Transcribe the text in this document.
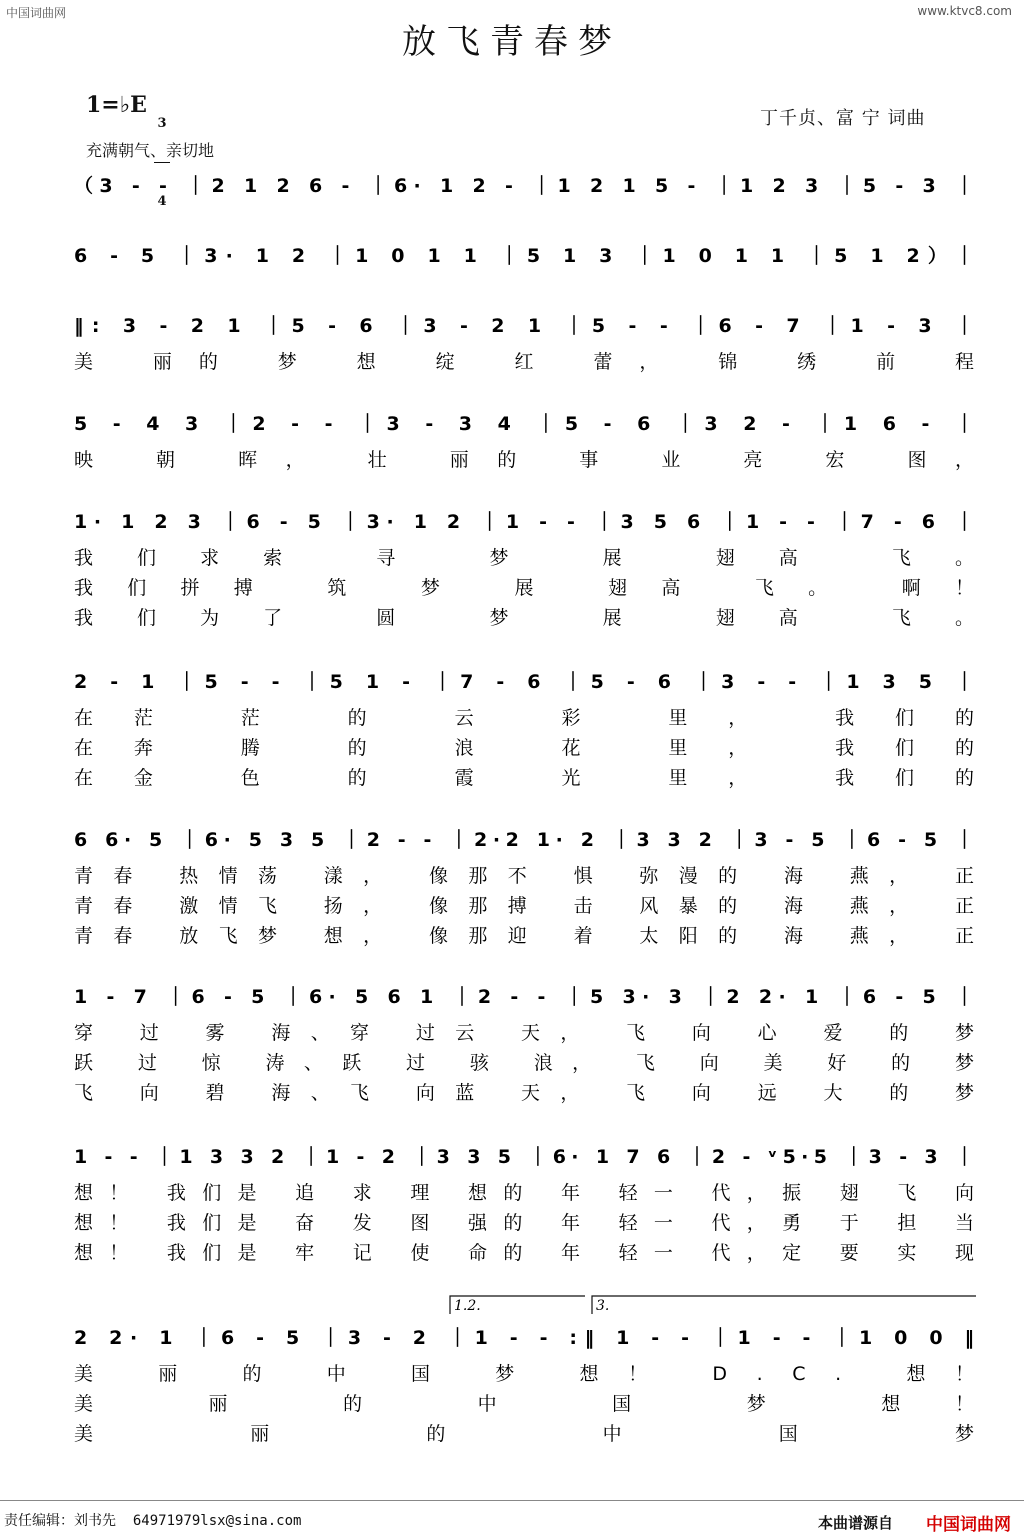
中国词曲网	www.ktvc8.com
放飞青春梦
1=♭E

3

4

充满朝气、亲切地
丁千贞、富 宁 词曲
（3 - - ｜2 1 2 6 - ｜6· 1 2 - ｜1 2 1 5 - ｜1 2 3 ｜5 - 3 ｜
6 - 5 ｜3· 1 2 ｜1 0 1 1 ｜5 1 3 ｜1 0 1 1 ｜5 1 2）｜
‖: 3 - 2 1 ｜5 - 6 ｜3 - 2 1 ｜5 - - ｜6 - 7 ｜1 - 3 ｜
美 丽的 梦 想 绽 红 蕾， 锦 绣 前 程
5 - 4 3 ｜2 - - ｜3 - 3 4 ｜5 - 6 ｜3 2 - ｜1 6 - ｜
映 朝 晖， 壮 丽的 事 业 亮 宏 图，
1· 1 2 3 ｜6 - 5 ｜3· 1 2 ｜1 - - ｜3 5 6 ｜1 - - ｜7 - 6 ｜
我们求索 寻 梦 展 翅高 飞。
我们拼搏 筑 梦 展 翅高 飞。 啊！
我们为了 圆 梦 展 翅高 飞。
2 - 1 ｜5 - - ｜5 1 - ｜7 - 6 ｜5 - 6 ｜3 - - ｜1 3 5 ｜
在茫 茫 的 云 彩 里， 我们的
在奔 腾 的 浪 花 里， 我们的
在金 色 的 霞 光 里， 我们的
6 6· 5 ｜6· 5 3 5 ｜2 - - ｜2·2 1· 2 ｜3 3 2 ｜3 - 5 ｜6 - 5 ｜
青春 热情荡 漾， 像那不 惧 弥漫的 海 燕， 正
青春 激情飞 扬， 像那搏 击 风暴的 海 燕， 正
青春 放飞梦 想， 像那迎 着 太阳的 海 燕， 正
1 - 7 ｜6 - 5 ｜6· 5 6 1 ｜2 - - ｜5 3· 3 ｜2 2· 1 ｜6 - 5 ｜
穿 过 雾 海、穿 过云 天， 飞 向 心 爱 的 梦
跃 过 惊 涛、跃 过 骇 浪， 飞 向 美 好 的 梦
飞 向 碧 海、飞 向蓝 天， 飞 向 远 大 的 梦
1 - - ｜1 3 3 2 ｜1 - 2 ｜3 3 5 ｜6· 1 7 6 ｜2 - ᵛ5·5 ｜3 - 3 ｜
想！ 我们是 追 求 理 想的 年 轻一 代，振 翅 飞 向
想！ 我们是 奋 发 图 强的 年 轻一 代，勇 于 担 当
想！ 我们是 牢 记 使 命的 年 轻一 代，定 要 实 现
2 2· 1 ｜6 - 5 ｜3 - 2 ｜1 - - :‖ 1 - - ｜1 - - ｜1 0 0 ‖
美 丽 的 中 国 梦 想！ D.C. 想！
美 丽 的 中 国 梦 想！
美 丽 的 中 国 梦
1.2.	3.
责任编辑：刘书先  64971979lsx@sina.com	本曲谱源自 中国词曲网
